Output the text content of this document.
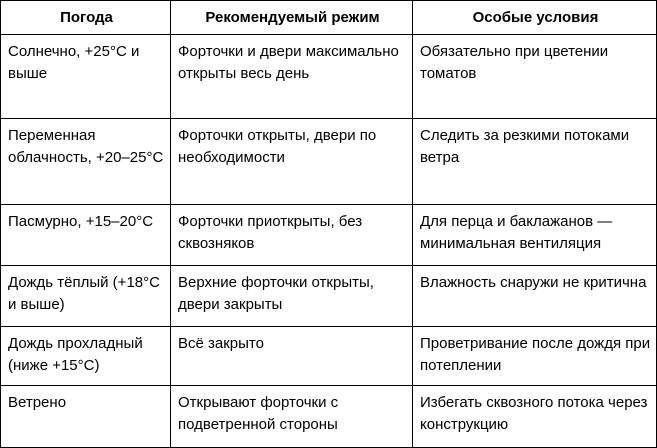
Погода	Рекомендуемый режим	Особые условия
Солнечно, +25°C и выше	Форточки и двери максимально открыты весь день	Обязательно при цветении томатов
Переменная облачность, +20–25°C	Форточки открыты, двери по необходимости	Следить за резкими потоками ветра
Пасмурно, +15–20°C	Форточки приоткрыты, без сквозняков	Для перца и баклажанов — минимальная вентиляция
Дождь тёплый (+18°C и выше)	Верхние форточки открыты, двери закрыты	Влажность снаружи не критична
Дождь прохладный (ниже +15°C)	Всё закрыто	Проветривание после дождя при потеплении
Ветрено	Открывают форточки с подветренной стороны	Избегать сквозного потока через конструкцию
